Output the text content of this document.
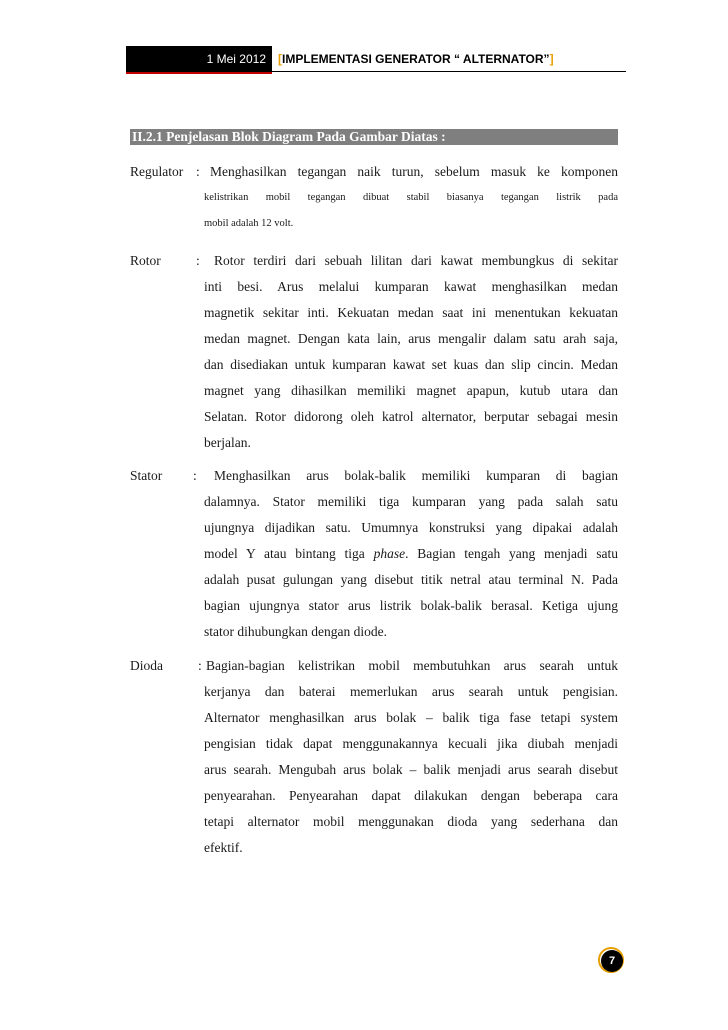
1 Mei 2012	[IMPLEMENTASI GENERATOR “ ALTERNATOR”]
II.2.1 Penjelasan Blok Diagram Pada Gambar Diatas :
Regulator : Menghasilkan tegangan naik turun, sebelum masuk ke komponen
kelistrikan mobil tegangan dibuat stabil biasanya tegangan listrik pada
mobil adalah 12 volt.
Rotor	:	Rotor terdiri dari sebuah lilitan dari kawat membungkus di sekitar
inti besi. Arus melalui kumparan kawat menghasilkan medan
magnetik sekitar inti. Kekuatan medan saat ini menentukan kekuatan
medan magnet. Dengan kata lain, arus mengalir dalam satu arah saja,
dan disediakan untuk kumparan kawat set kuas dan slip cincin. Medan
magnet yang dihasilkan memiliki magnet apapun, kutub utara dan
Selatan. Rotor didorong oleh katrol alternator, berputar sebagai mesin
berjalan.
Stator :	Menghasilkan arus bolak-balik memiliki kumparan di bagian
dalamnya. Stator memiliki tiga kumparan yang pada salah satu
ujungnya dijadikan satu. Umumnya konstruksi yang dipakai adalah
model Y atau bintang tiga phase. Bagian tengah yang menjadi satu
adalah pusat gulungan yang disebut titik netral atau terminal N. Pada
bagian ujungnya stator arus listrik bolak-balik berasal. Ketiga ujung
stator dihubungkan dengan diode.
Dioda	: Bagian-bagian kelistrikan mobil membutuhkan arus searah untuk
kerjanya dan baterai memerlukan arus searah untuk pengisian.
Alternator menghasilkan arus bolak – balik tiga fase tetapi system
pengisian tidak dapat menggunakannya kecuali jika diubah menjadi
arus searah. Mengubah arus bolak – balik menjadi arus searah disebut
penyearahan. Penyearahan dapat dilakukan dengan beberapa cara
tetapi alternator mobil menggunakan dioda yang sederhana dan
efektif.
7
